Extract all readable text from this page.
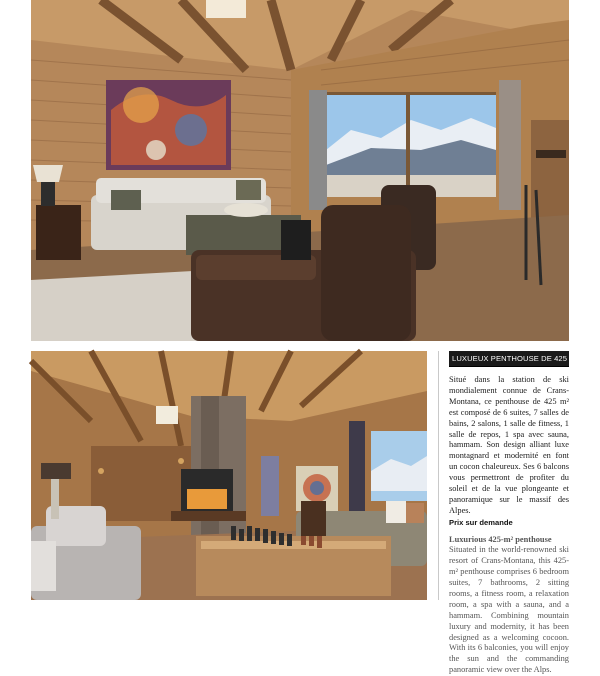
LUXUEUX PENTHOUSE DE 425 M²

Situé dans la station de ski mondialement connue de Crans- Montana, ce penthouse de 425 m² est composé de 6 suites, 7 salles de bains, 2 salons, 1 salle de fitness, 1 salle de repos, 1 spa avec sauna, hammam. Son design alliant luxe montagnard et modernité en font un cocon chaleureux. Ses 6 balcons vous permettront de profiter du soleil et de la vue plongeante et panoramique sur le massif des Alpes.

Prix sur demande
Luxurious 425-m² penthouse

Situated in the world-renowned ski resort of Crans-Montana, this 425-m² penthouse comprises 6 bedroom suites, 7 bathrooms, 2 sitting rooms, a fitness room, a relaxation room, a spa with a sauna, and a hammam. Combining mountain luxury and modernity, it has been designed as a welcoming cocoon. With its 6 balconies, you will enjoy the sun and the commanding panoramic view over the Alps.
